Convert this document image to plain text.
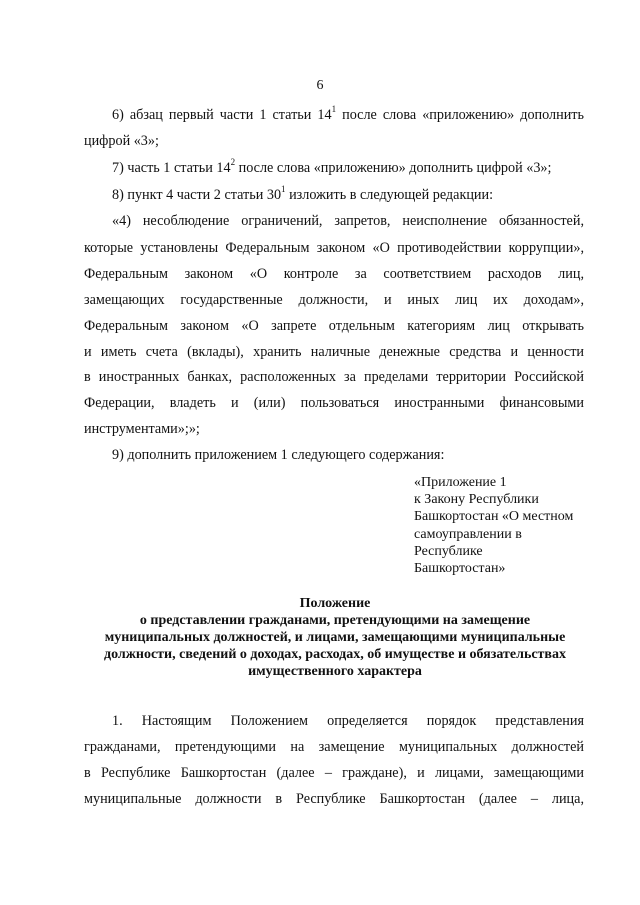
6
6) абзац первый части 1 статьи $14^1$ после слова «приложению» дополнить
цифрой «3»;
7) часть 1 статьи $14^2$ после слова «приложению» дополнить цифрой «3»;
8) пункт 4 части 2 статьи $30^1$ изложить в следующей редакции:
«4) несоблюдение ограничений, запретов, неисполнение обязанностей,
которые установлены Федеральным законом «О противодействии коррупции»,
Федеральным законом «О контроле за соответствием расходов лиц,
замещающих государственные должности, и иных лиц их доходам»,
Федеральным законом «О запрете отдельным категориям лиц открывать
и иметь счета (вклады), хранить наличные денежные средства и ценности
в иностранных банках, расположенных за пределами территории Российской
Федерации, владеть и (или) пользоваться иностранными финансовыми
инструментами»;»;
9) дополнить приложением 1 следующего содержания:
«Приложение 1
к Закону Республики
Башкортостан «О местном
самоуправлении в
Республике
Башкортостан»
Положение
о представлении гражданами, претендующими на замещение
муниципальных должностей, и лицами, замещающими муниципальные
должности, сведений о доходах, расходах, об имуществе и обязательствах
имущественного характера
1. Настоящим Положением определяется порядок представления
гражданами, претендующими на замещение муниципальных должностей
в Республике Башкортостан (далее – граждане), и лицами, замещающими
муниципальные должности в Республике Башкортостан (далее – лица,
